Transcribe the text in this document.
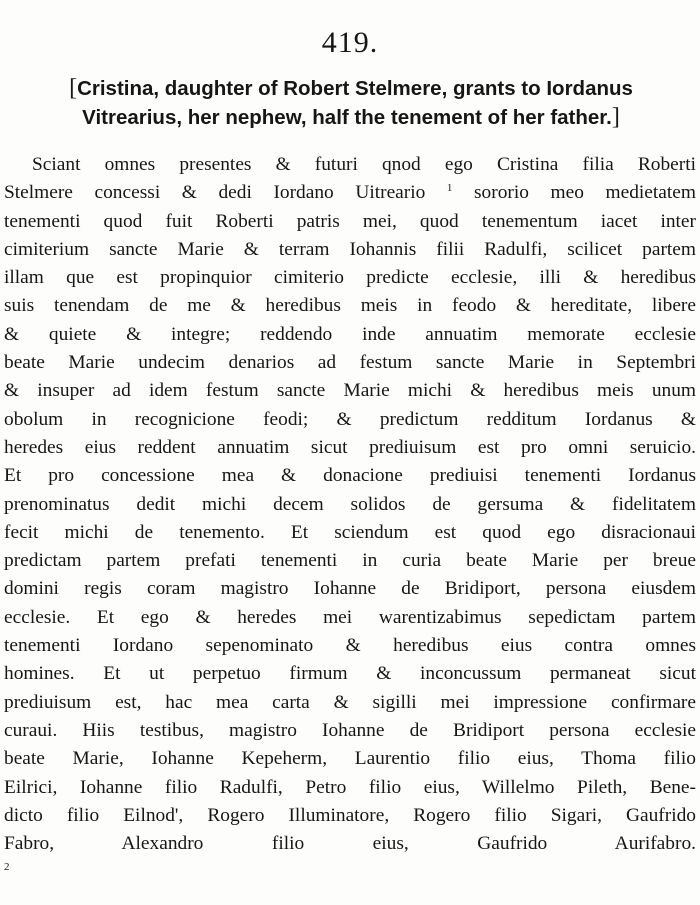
419.
[Cristina, daughter of Robert Stelmere, grants to Iordanus
Vitrearius, her nephew, half the tenement of her father.]
Sciant omnes presentes & futuri qnod ego Cristina filia Roberti
Stelmere concessi & dedi Iordano Uitreario $^1$ sororio meo medietatem
tenementi quod fuit Roberti patris mei, quod tenementum iacet inter
cimiterium sancte Marie & terram Iohannis filii Radulfi, scilicet partem
illam que est propinquior cimiterio predicte ecclesie, illi & heredibus
suis tenendam de me & heredibus meis in feodo & hereditate, libere
& quiete & integre; reddendo inde annuatim memorate ecclesie
beate Marie undecim denarios ad festum sancte Marie in Septembri
& insuper ad idem festum sancte Marie michi & heredibus meis unum
obolum in recognicione feodi; & predictum redditum Iordanus &
heredes eius reddent annuatim sicut prediuisum est pro omni seruicio.
Et pro concessione mea & donacione prediuisi tenementi Iordanus
prenominatus dedit michi decem solidos de gersuma & fidelitatem
fecit michi de tenemento. Et sciendum est quod ego disracionaui
predictam partem prefati tenementi in curia beate Marie per breue
domini regis coram magistro Iohanne de Bridiport, persona eiusdem
ecclesie. Et ego & heredes mei warentizabimus sepedictam partem
tenementi Iordano sepenominato & heredibus eius contra omnes
homines. Et ut perpetuo firmum & inconcussum permaneat sicut
prediuisum est, hac mea carta & sigilli mei impressione confirmare
curaui. Hiis testibus, magistro Iohanne de Bridiport persona ecclesie
beate Marie, Iohanne Kepeherm, Laurentio filio eius, Thoma filio
Eilrici, Iohanne filio Radulfi, Petro filio eius, Willelmo Pileth, Bene-
dicto filio Eilnod', Rogero Illuminatore, Rogero filio Sigari, Gaufrido
Fabro, Alexandro filio eius, Gaufrido Aurifabro.
$^2$
